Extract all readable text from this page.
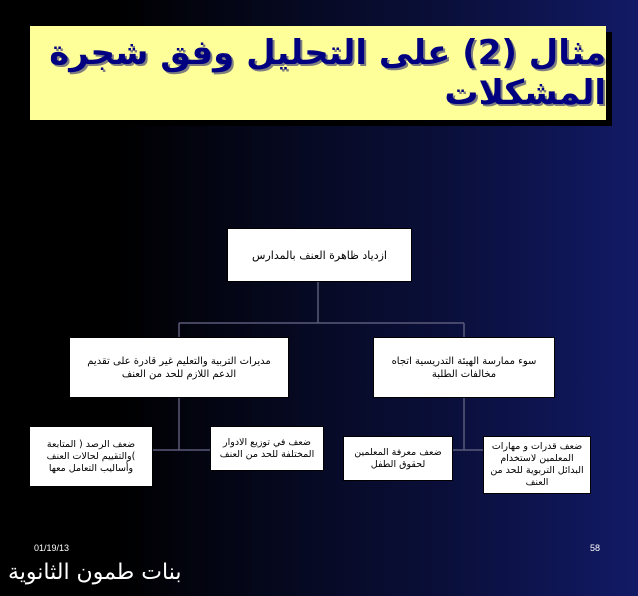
مثال (2) على التحليل وفق شجرة المشكلات
ازدياد ظاهرة العنف بالمدارس
مديرات التربية والتعليم غير قادرة على تقديم الدعم اللازم للحد من العنف
سوء ممارسة الهيئة التدريسية اتجاه مخالفات الطلبة
ضعف الرصد ( المتابعة )والتقييم لحالات العنف وأساليب التعامل معها
ضعف في توزيع الادوار المختلفة للحد من العنف	ضعف معرفة المعلمين لحقوق الطفل
ضعف قدرات و مهارات المعلمين لاستخدام البدائل التربوية للحد من العنف
01/19/13	58
بنات طمون الثانوية
